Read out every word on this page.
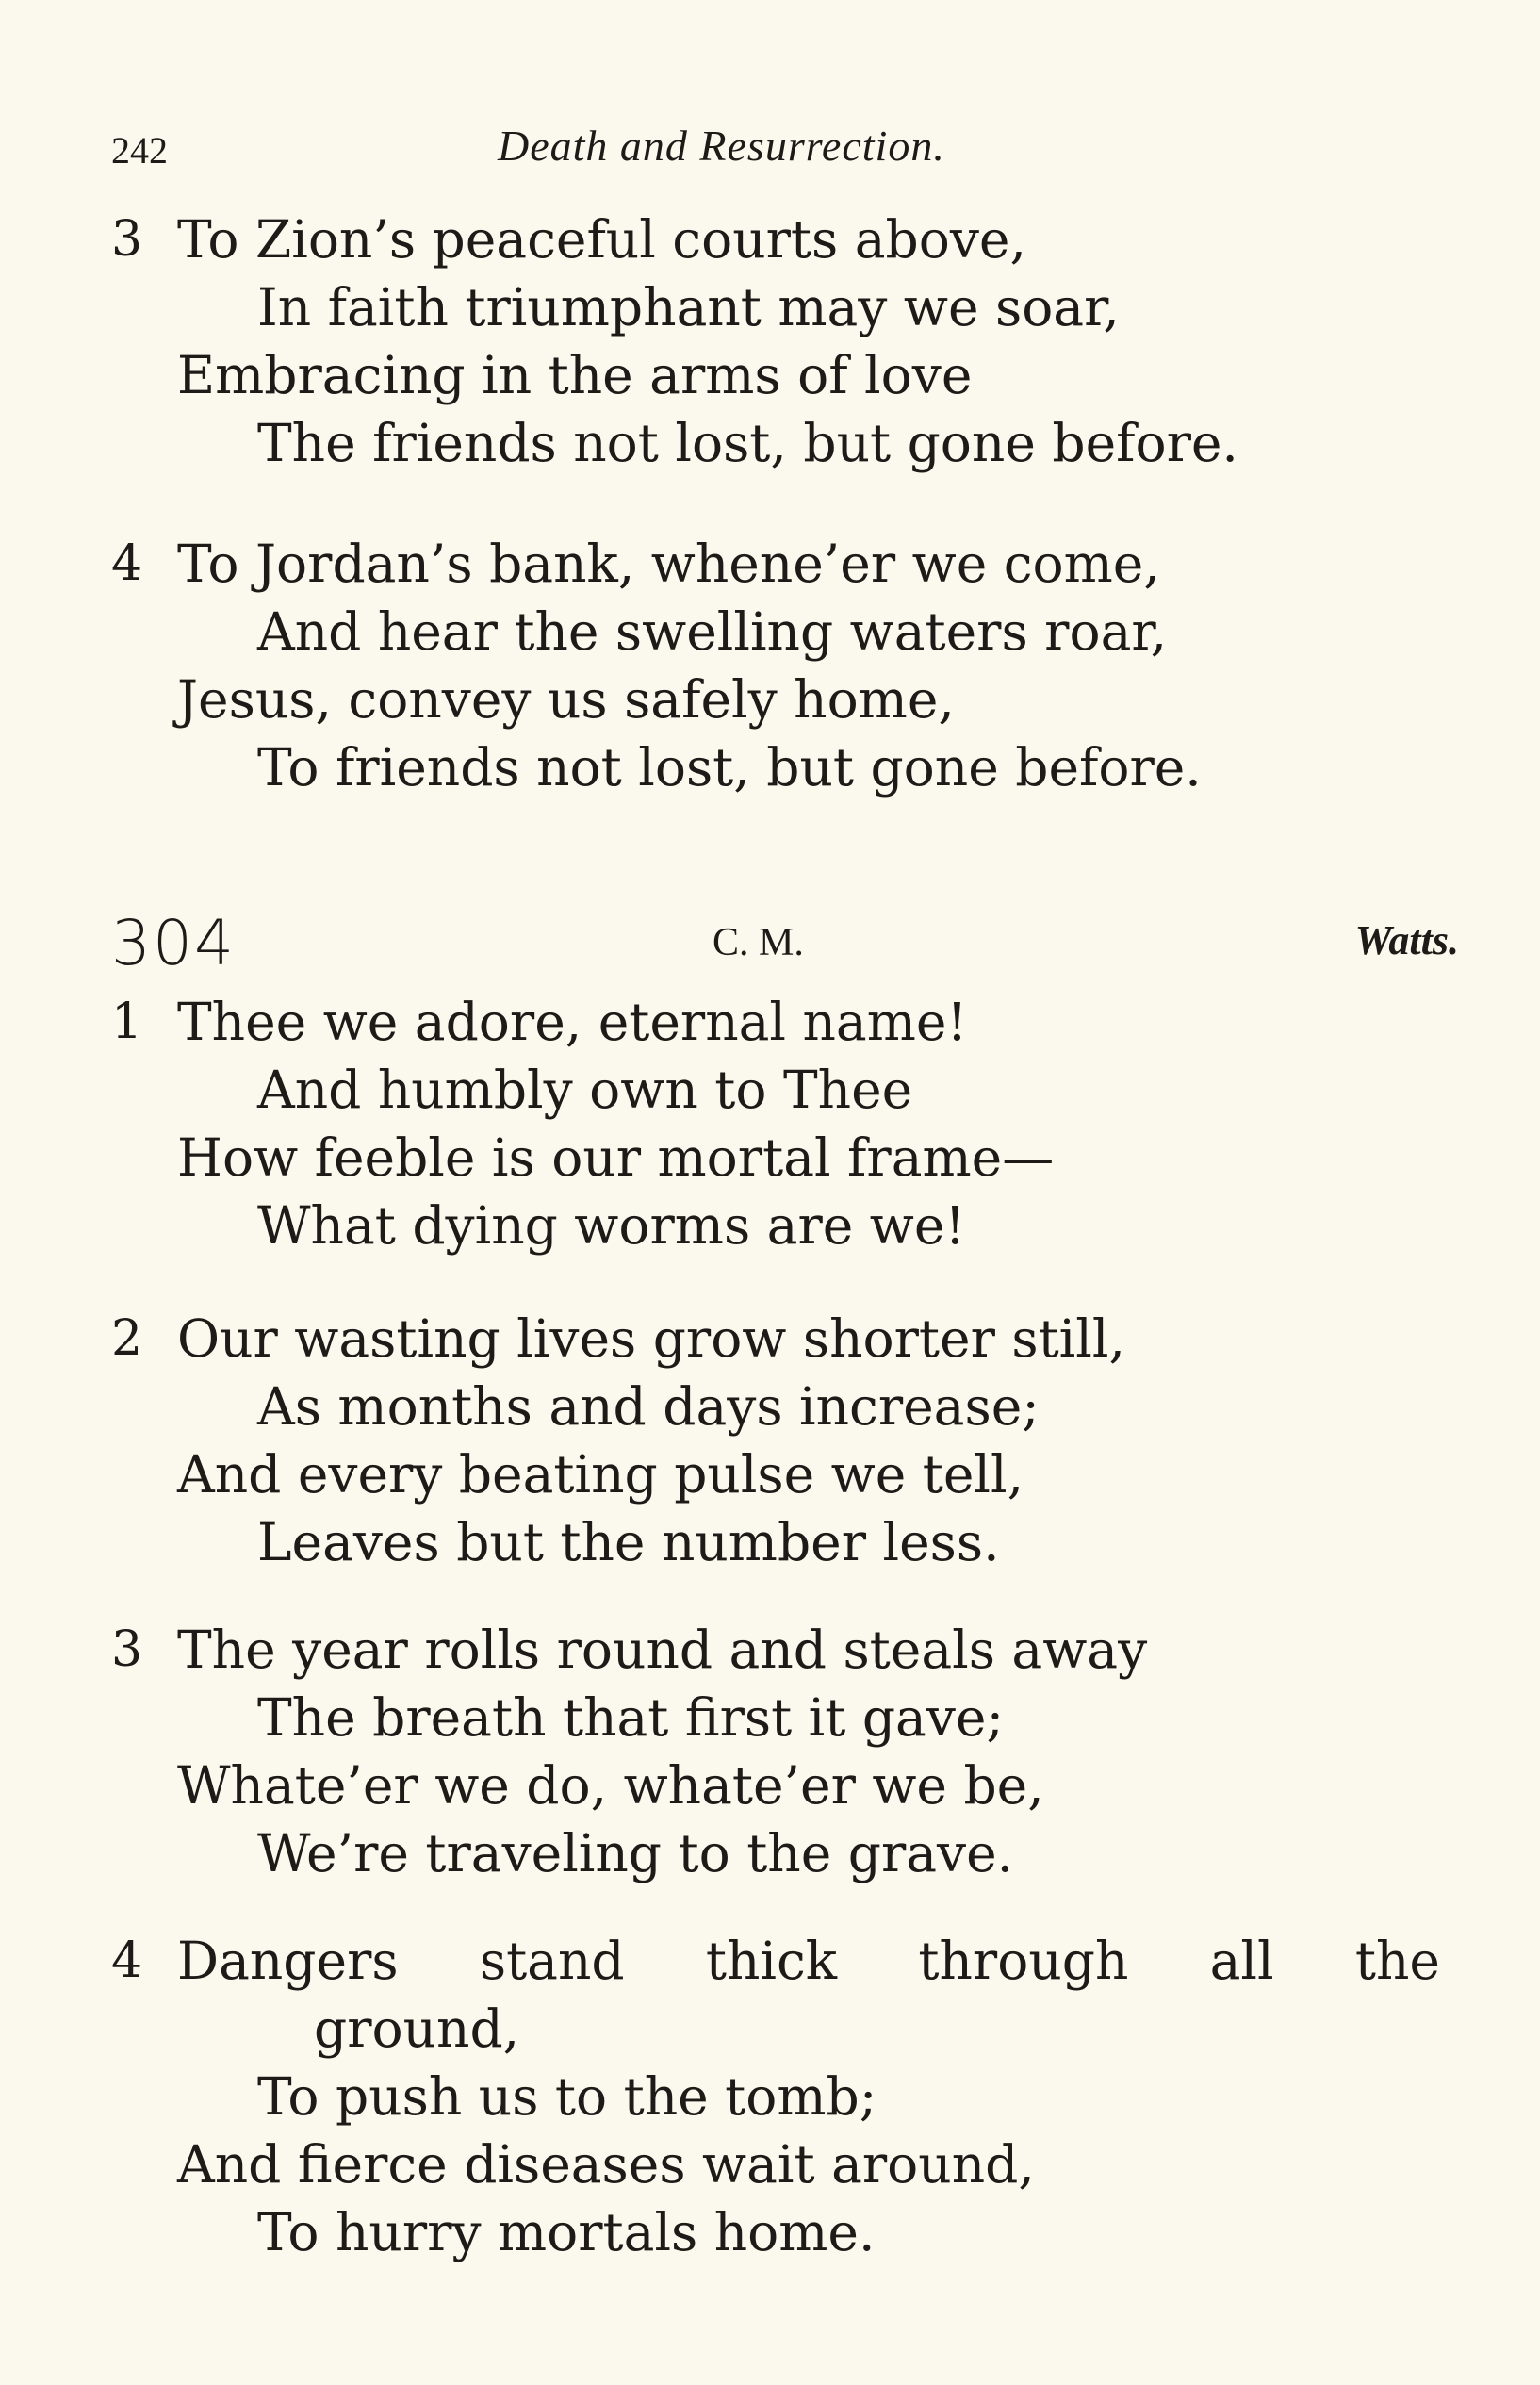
242	Death and Resurrection.
3 To Zion’s peaceful courts above,
In faith triumphant may we soar,
Embracing in the arms of love
The friends not lost, but gone before.
4 To Jordan’s bank, whene’er we come,
And hear the swelling waters roar,
Jesus, convey us safely home,
To friends not lost, but gone before.
304	C. M.	Watts.
1 Thee we adore, eternal name!
And humbly own to Thee
How feeble is our mortal frame—
What dying worms are we!
2 Our wasting lives grow shorter still,
As months and days increase;
And every beating pulse we tell,
Leaves but the number less.
3 The year rolls round and steals away
The breath that first it gave;
Whate’er we do, whate’er we be,
We’re traveling to the grave.
4 Dangers stand thick through all the
ground,
To push us to the tomb;
And fierce diseases wait around,
To hurry mortals home.
